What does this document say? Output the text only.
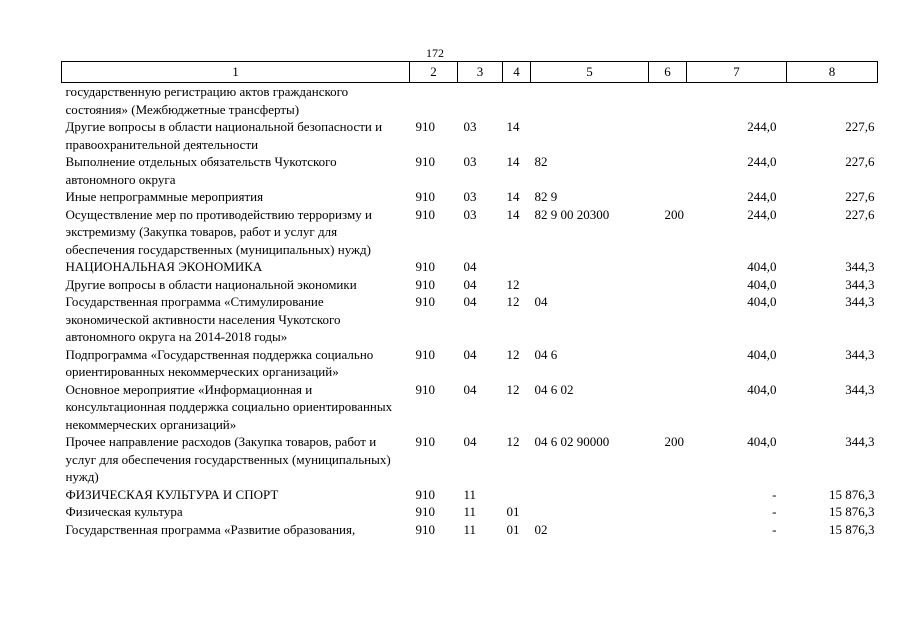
172
1	2	3	4	5	6	7	8
государственную регистрацию актов гражданского состояния» (Межбюджетные трансферты)							
Другие вопросы в области национальной безопасности и правоохранительной деятельности	910	03	14			244,0	227,6
Выполнение отдельных обязательств Чукотского автономного округа	910	03	14	82		244,0	227,6
Иные непрограммные мероприятия	910	03	14	82 9		244,0	227,6
Осуществление мер по противодействию терроризму и экстремизму (Закупка товаров, работ и услуг для обеспечения государственных (муниципальных) нужд)	910	03	14	82 9 00 20300	200	244,0	227,6
НАЦИОНАЛЬНАЯ ЭКОНОМИКА	910	04				404,0	344,3
Другие вопросы в области национальной экономики	910	04	12			404,0	344,3
Государственная программа «Стимулирование экономической активности населения Чукотского автономного округа на 2014-2018 годы»	910	04	12	04		404,0	344,3
Подпрограмма «Государственная поддержка социально ориентированных некоммерческих организаций»	910	04	12	04 6		404,0	344,3
Основное мероприятие «Информационная и консультационная поддержка социально ориентированных некоммерческих организаций»	910	04	12	04 6 02		404,0	344,3
Прочее направление расходов (Закупка товаров, работ и услуг для обеспечения государственных (муниципальных) нужд)	910	04	12	04 6 02 90000	200	404,0	344,3
ФИЗИЧЕСКАЯ КУЛЬТУРА И СПОРТ	910	11				-	15 876,3
Физическая культура	910	11	01			-	15 876,3
Государственная программа «Развитие образования,	910	11	01	02		-	15 876,3
